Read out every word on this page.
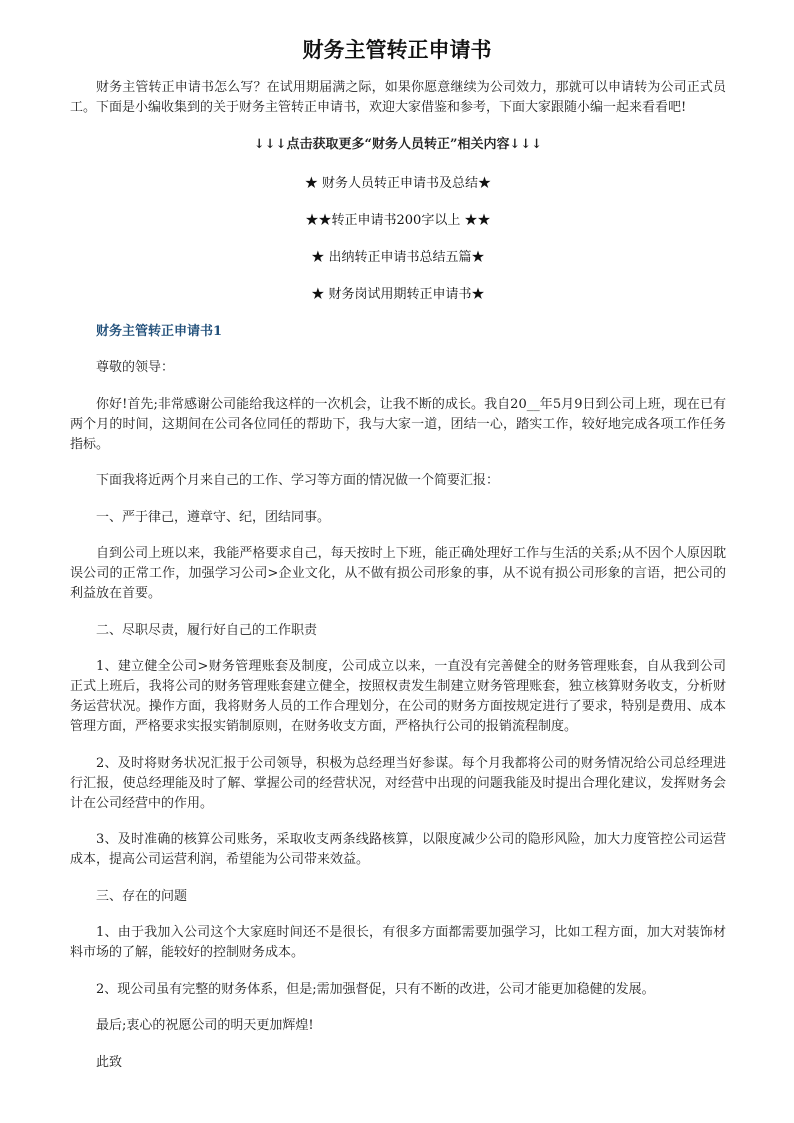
财务主管转正申请书

财务主管转正申请书怎么写？在试用期届满之际，如果你愿意继续为公司效力，那就可以申请转为公司正式员工。下面是小编收集到的关于财务主管转正申请书，欢迎大家借鉴和参考，下面大家跟随小编一起来看看吧!

↓↓↓点击获取更多“财务人员转正”相关内容↓↓↓

★ 财务人员转正申请书及总结★

★★转正申请书200字以上 ★★

★ 出纳转正申请书总结五篇★

★ 财务岗试用期转正申请书★

财务主管转正申请书1

尊敬的领导：

你好!首先;非常感谢公司能给我这样的一次机会，让我不断的成长。我自20__年5月9日到公司上班，现在已有两个月的时间，这期间在公司各位同任的帮助下，我与大家一道，团结一心，踏实工作，较好地完成各项工作任务指标。

下面我将近两个月来自己的工作、学习等方面的情况做一个简要汇报：

一、严于律己，遵章守、纪，团结同事。

自到公司上班以来，我能严格要求自己，每天按时上下班，能正确处理好工作与生活的关系;从不因个人原因耽误公司的正常工作，加强学习公司>企业文化，从不做有损公司形象的事，从不说有损公司形象的言语，把公司的利益放在首要。

二、尽职尽责，履行好自己的工作职责

1、建立健全公司>财务管理账套及制度，公司成立以来，一直没有完善健全的财务管理账套，自从我到公司正式上班后，我将公司的财务管理账套建立健全，按照权责发生制建立财务管理账套，独立核算财务收支，分析财务运营状况。操作方面，我将财务人员的工作合理划分，在公司的财务方面按规定进行了要求，特别是费用、成本管理方面，严格要求实报实销制原则，在财务收支方面，严格执行公司的报销流程制度。

2、及时将财务状况汇报于公司领导，积极为总经理当好参谋。每个月我都将公司的财务情况给公司总经理进行汇报，使总经理能及时了解、掌握公司的经营状况，对经营中出现的问题我能及时提出合理化建议，发挥财务会计在公司经营中的作用。

3、及时准确的核算公司账务，采取收支两条线路核算，以限度减少公司的隐形风险，加大力度管控公司运营成本，提高公司运营利润，希望能为公司带来效益。

三、存在的问题

1、由于我加入公司这个大家庭时间还不是很长，有很多方面都需要加强学习，比如工程方面，加大对装饰材料市场的了解，能较好的控制财务成本。

2、现公司虽有完整的财务体系，但是;需加强督促，只有不断的改进，公司才能更加稳健的发展。

最后;衷心的祝愿公司的明天更加辉煌!

此致
